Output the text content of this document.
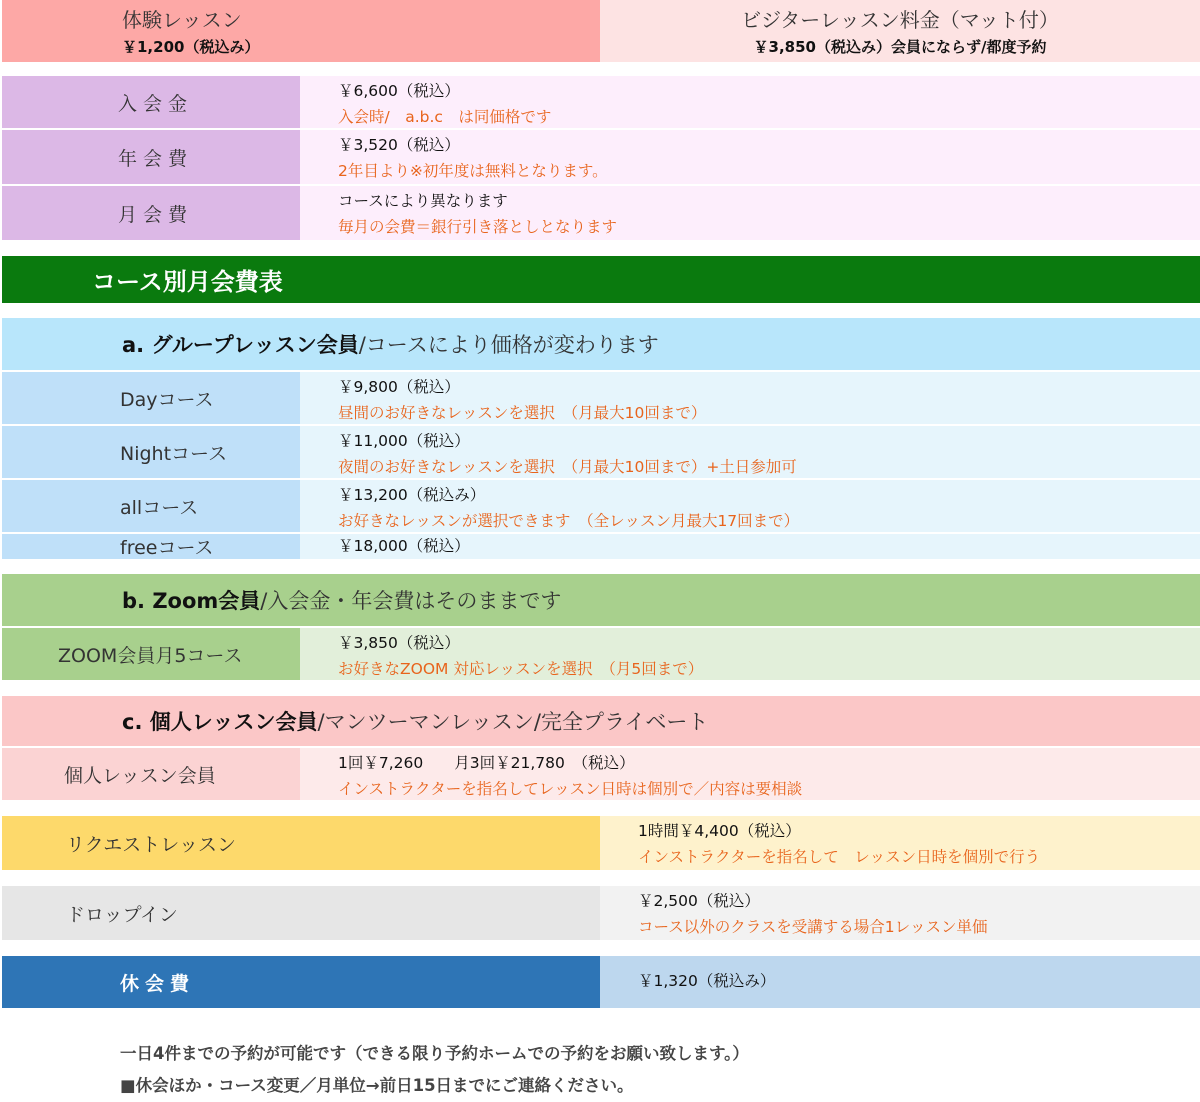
体験レッスン
￥1,200（税込み）
ビジターレッスン料金（マット付）
￥3,850（税込み）会員にならず/都度予約
入会金
￥6,600（税込）
入会時/　a.b.c　は同価格です
年会費
￥3,520（税込）
2年目より※初年度は無料となります。
月会費
コースにより異なります
毎月の会費＝銀行引き落としとなります
コース別月会費表
a. グループレッスン会員 /コースにより価格が変わります
Dayコース
￥9,800（税込）
昼間のお好きなレッスンを選択　（月最大10回まで）
Nightコース
￥11,000（税込）
夜間のお好きなレッスンを選択　（月最大10回まで）+土日参加可
allコース
￥13,200（税込み）
お好きなレッスンが選択できます　（全レッスン月最大17回まで）
freeコース	￥18,000（税込）
b. Zoom会員 /入会金・年会費はそのままです
ZOOM会員月5コース
￥3,850（税込）
お好きなZOOM 対応レッスンを選択　（月5回まで）
c. 個人レッスン会員 /マンツーマンレッスン/完全プライベート
個人レッスン会員
1回￥7,260　　月3回￥21,780　（税込）
インストラクターを指名してレッスン日時は個別で／内容は要相談
リクエストレッスン
1時間￥4,400（税込）
インストラクターを指名して　レッスン日時を個別で行う
ドロップイン
￥2,500（税込）
コース以外のクラスを受講する場合1レッスン単価
休会費	￥1,320（税込み）
一日4件までの予約が可能です（できる限り予約ホームでの予約をお願い致します。）
■休会ほか・コース変更／月単位→前日15日までにご連絡ください。
